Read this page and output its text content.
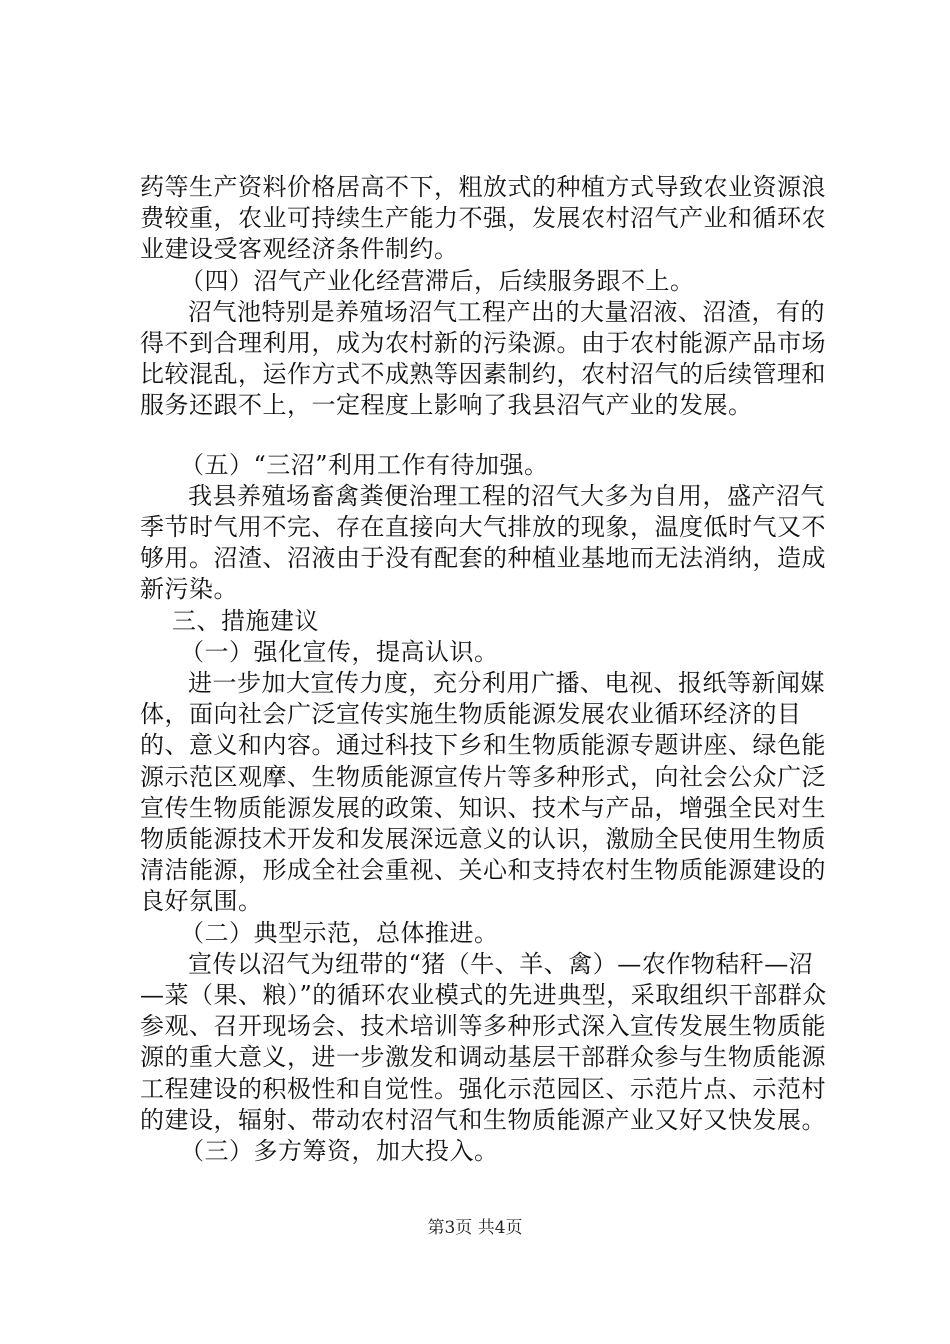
药等生产资料价格居高不下，粗放式的种植方式导致农业资源浪费较重，农业可持续生产能力不强，发展农村沼气产业和循环农业建设受客观经济条件制约。

（四）沼气产业化经营滞后，后续服务跟不上。

沼气池特别是养殖场沼气工程产出的大量沼液、沼渣，有的得不到合理利用，成为农村新的污染源。由于农村能源产品市场比较混乱，运作方式不成熟等因素制约，农村沼气的后续管理和服务还跟不上，一定程度上影响了我县沼气产业的发展。

（五）“三沼”利用工作有待加强。

我县养殖场畜禽粪便治理工程的沼气大多为自用，盛产沼气季节时气用不完、存在直接向大气排放的现象，温度低时气又不够用。沼渣、沼液由于没有配套的种植业基地而无法消纳，造成新污染。

三、措施建议

（一）强化宣传，提高认识。

进一步加大宣传力度，充分利用广播、电视、报纸等新闻媒体，面向社会广泛宣传实施生物质能源发展农业循环经济的目的、意义和内容。通过科技下乡和生物质能源专题讲座、绿色能源示范区观摩、生物质能源宣传片等多种形式，向社会公众广泛宣传生物质能源发展的政策、知识、技术与产品，增强全民对生物质能源技术开发和发展深远意义的认识，激励全民使用生物质清洁能源，形成全社会重视、关心和支持农村生物质能源建设的良好氛围。

（二）典型示范，总体推进。

宣传以沼气为纽带的“猪（牛、羊、禽）—农作物秸秆—沼—菜（果、粮）”的循环农业模式的先进典型，采取组织干部群众参观、召开现场会、技术培训等多种形式深入宣传发展生物质能源的重大意义，进一步激发和调动基层干部群众参与生物质能源工程建设的积极性和自觉性。强化示范园区、示范片点、示范村的建设，辐射、带动农村沼气和生物质能源产业又好又快发展。

（三）多方筹资，加大投入。

第3页 共4页
